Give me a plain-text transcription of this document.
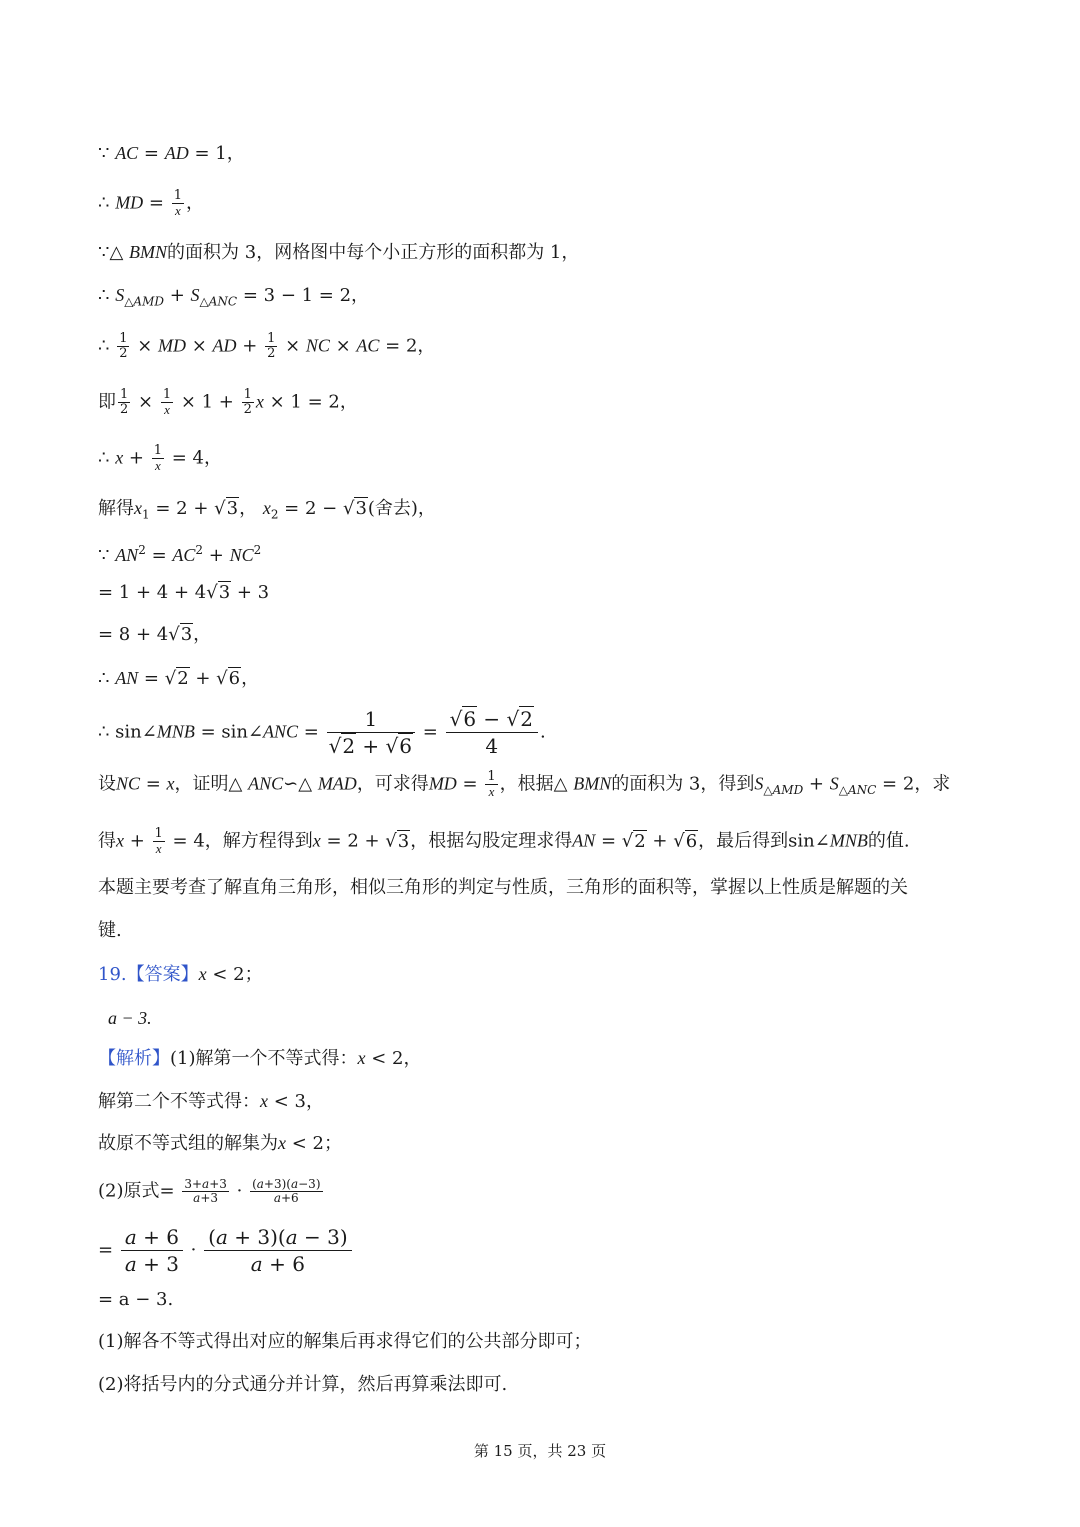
∵ AC = AD = 1，
∴ MD = $\frac{1}{x}$ ，
∵△ BMN的面积为 3，网格图中每个小正方形的面积都为 1，
∴ $S_{\triangle AMD} + S_{\triangle ANC} = 3 - 1 = 2$，
∴ $\frac{1}{2}$ × MD × AD + $\frac{1}{2}$ × NC × AC = 2，
即 $\frac{1}{2} \times \frac{1}{x} \times 1 + \frac{1}{2}$ x × 1 = 2，
∴ $x + \frac{1}{x} = 4$，
解得$x_1 = 2 + √3$， $x_2 = 2 - √3$(舍去)，
∵ $AN^2 = AC^2 + NC^2$
= 1 + 4 + 4√3 + 3
= 8 + 4√3，
∴ AN = √2 + √6，
∴ sin∠MNB = sin∠ANC = $\frac{1}{√2 + √6} = \frac{√6 - √2}{4}$ .
设NC = x，证明△ ANC∽△ MAD，可求得MD = $\frac{1}{x}$ ，根据△ BMN的面积为 3，得到$S_{\triangle AMD} + S_{\triangle ANC} = 2$，求
得$x + \frac{1}{x} = 4$，解方程得到x = 2 + √3，根据勾股定理求得AN = √2 + √6，最后得到sin∠MNB的值.
本题主要考查了解直角三角形，相似三角形的判定与性质，三角形的面积等，掌握以上性质是解题的关
键.
19.【答案】x < 2；
a − 3.
【解析】(1)解第一个不等式得：x < 2，
解第二个不等式得：x < 3，
故原不等式组的解集为x < 2；
(2)原式= $\frac{3+a+3}{a+3} \cdot \frac{(a+3)(a-3)}{a+6}$
= $\frac{a + 6}{a + 3} \cdot \frac{(a + 3)(a - 3)}{a + 6}$
= a − 3.
(1)解各不等式得出对应的解集后再求得它们的公共部分即可；
(2)将括号内的分式通分并计算，然后再算乘法即可.
第 15 页，共 23 页
